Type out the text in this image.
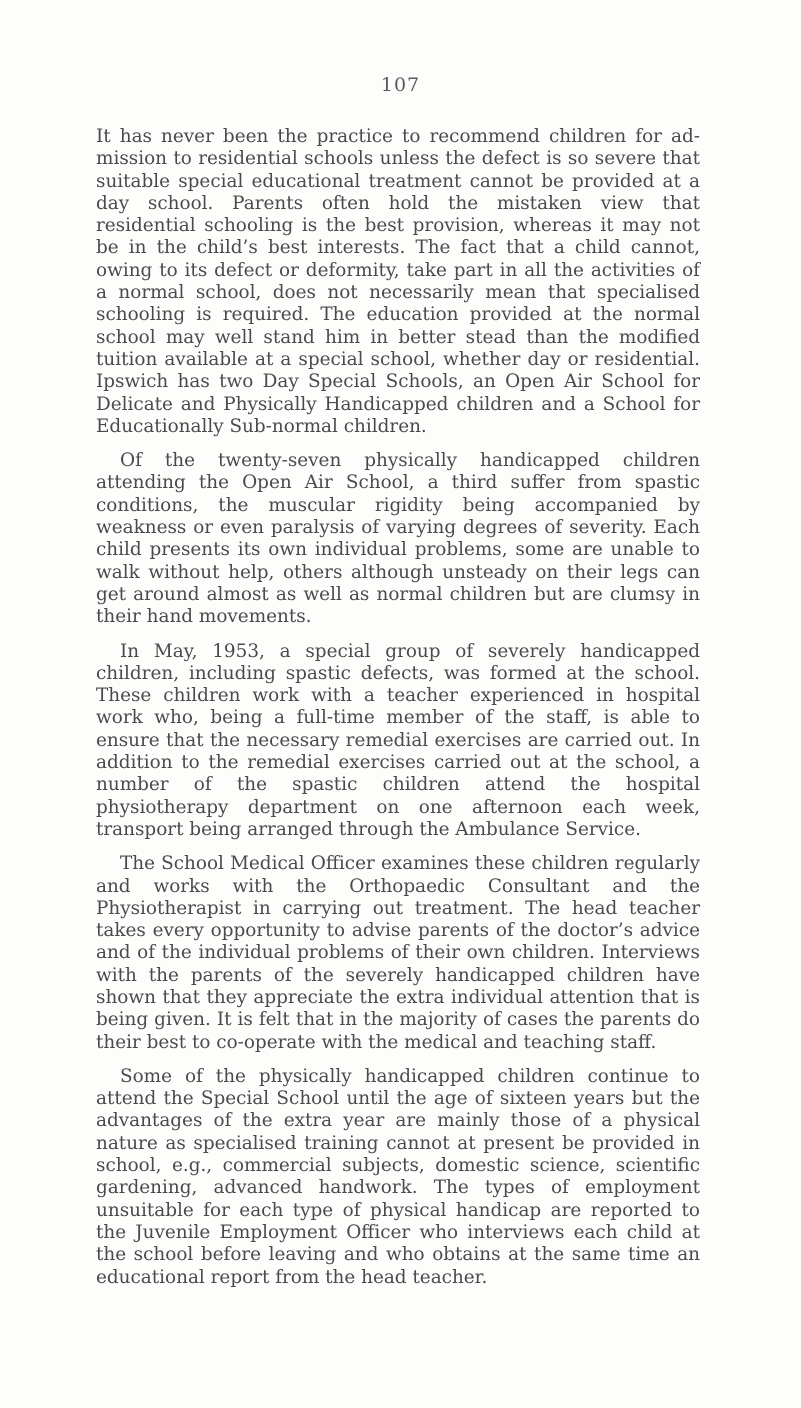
107

It has never been the practice to recommend children for ad-mission to residential schools unless the defect is so severe that suitable special educational treatment cannot be provided at a day school. Parents often hold the mistaken view that residential schooling is the best provision, whereas it may not be in the child’s best interests. The fact that a child cannot, owing to its defect or deformity, take part in all the activities of a normal school, does not necessarily mean that specialised schooling is required. The education provided at the normal school may well stand him in better stead than the modified tuition available at a special school, whether day or residential. Ipswich has two Day Special Schools, an Open Air School for Delicate and Physically Handicapped children and a School for Educationally Sub-normal children.

Of the twenty-seven physically handicapped children attending the Open Air School, a third suffer from spastic conditions, the muscular rigidity being accompanied by weakness or even paralysis of varying degrees of severity. Each child presents its own individual problems, some are unable to walk without help, others although unsteady on their legs can get around almost as well as normal children but are clumsy in their hand movements.

In May, 1953, a special group of severely handicapped children, including spastic defects, was formed at the school. These children work with a teacher experienced in hospital work who, being a full-time member of the staff, is able to ensure that the necessary remedial exercises are carried out. In addition to the remedial exercises carried out at the school, a number of the spastic children attend the hospital physiotherapy department on one afternoon each week, transport being arranged through the Ambulance Service.

The School Medical Officer examines these children regularly and works with the Orthopaedic Consultant and the Physiotherapist in carrying out treatment. The head teacher takes every opportunity to advise parents of the doctor’s advice and of the individual problems of their own children. Interviews with the parents of the severely handicapped children have shown that they appreciate the extra individual attention that is being given. It is felt that in the majority of cases the parents do their best to co-operate with the medical and teaching staff.

Some of the physically handicapped children continue to attend the Special School until the age of sixteen years but the advantages of the extra year are mainly those of a physical nature as specialised training cannot at present be provided in school, e.g., commercial subjects, domestic science, scientific gardening, advanced handwork. The types of employment unsuitable for each type of physical handicap are reported to the Juvenile Employment Officer who interviews each child at the school before leaving and who obtains at the same time an educational report from the head teacher.
